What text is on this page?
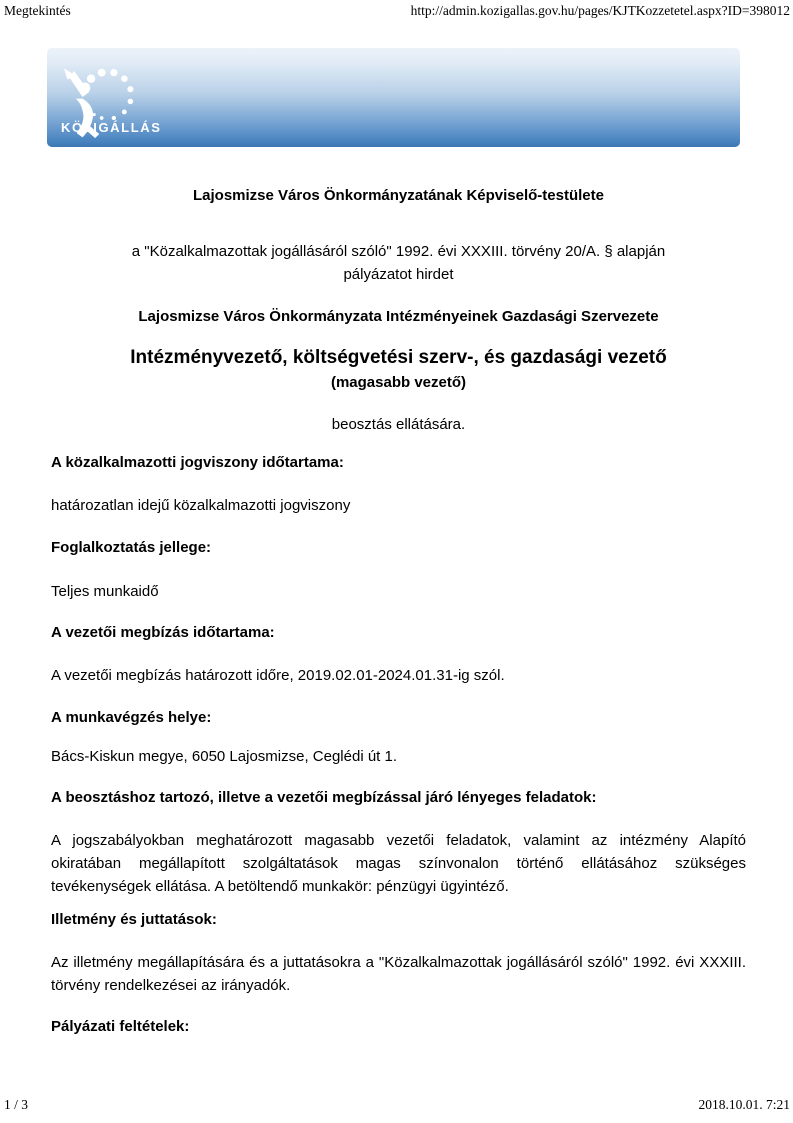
Megtekintés	http://admin.kozigallas.gov.hu/pages/KJTKozzetetel.aspx?ID=398012
KÖZIGÁLLÁS
Lajosmizse Város Önkormányzatának Képviselő-testülete
a "Közalkalmazottak jogállásáról szóló" 1992. évi XXXIII. törvény 20/A. § alapján
pályázatot hirdet
Lajosmizse Város Önkormányzata Intézményeinek Gazdasági Szervezete
Intézményvezető, költségvetési szerv-, és gazdasági vezető
(magasabb vezető)
beosztás ellátására.
A közalkalmazotti jogviszony időtartama:
határozatlan idejű közalkalmazotti jogviszony
Foglalkoztatás jellege:
Teljes munkaidő
A vezetői megbízás időtartama:
A vezetői megbízás határozott időre, 2019.02.01-2024.01.31-ig szól.
A munkavégzés helye:
Bács-Kiskun megye, 6050 Lajosmizse, Ceglédi út 1.
A beosztáshoz tartozó, illetve a vezetői megbízással járó lényeges feladatok:
A jogszabályokban meghatározott magasabb vezetői feladatok, valamint az intézmény Alapító okiratában megállapított szolgáltatások magas színvonalon történő ellátásához szükséges tevékenységek ellátása. A betöltendő munkakör: pénzügyi ügyintéző.
Illetmény és juttatások:
Az illetmény megállapítására és a juttatásokra a "Közalkalmazottak jogállásáról szóló" 1992. évi XXXIII. törvény rendelkezései az irányadók.
Pályázati feltételek:
1 / 3	2018.10.01. 7:21
